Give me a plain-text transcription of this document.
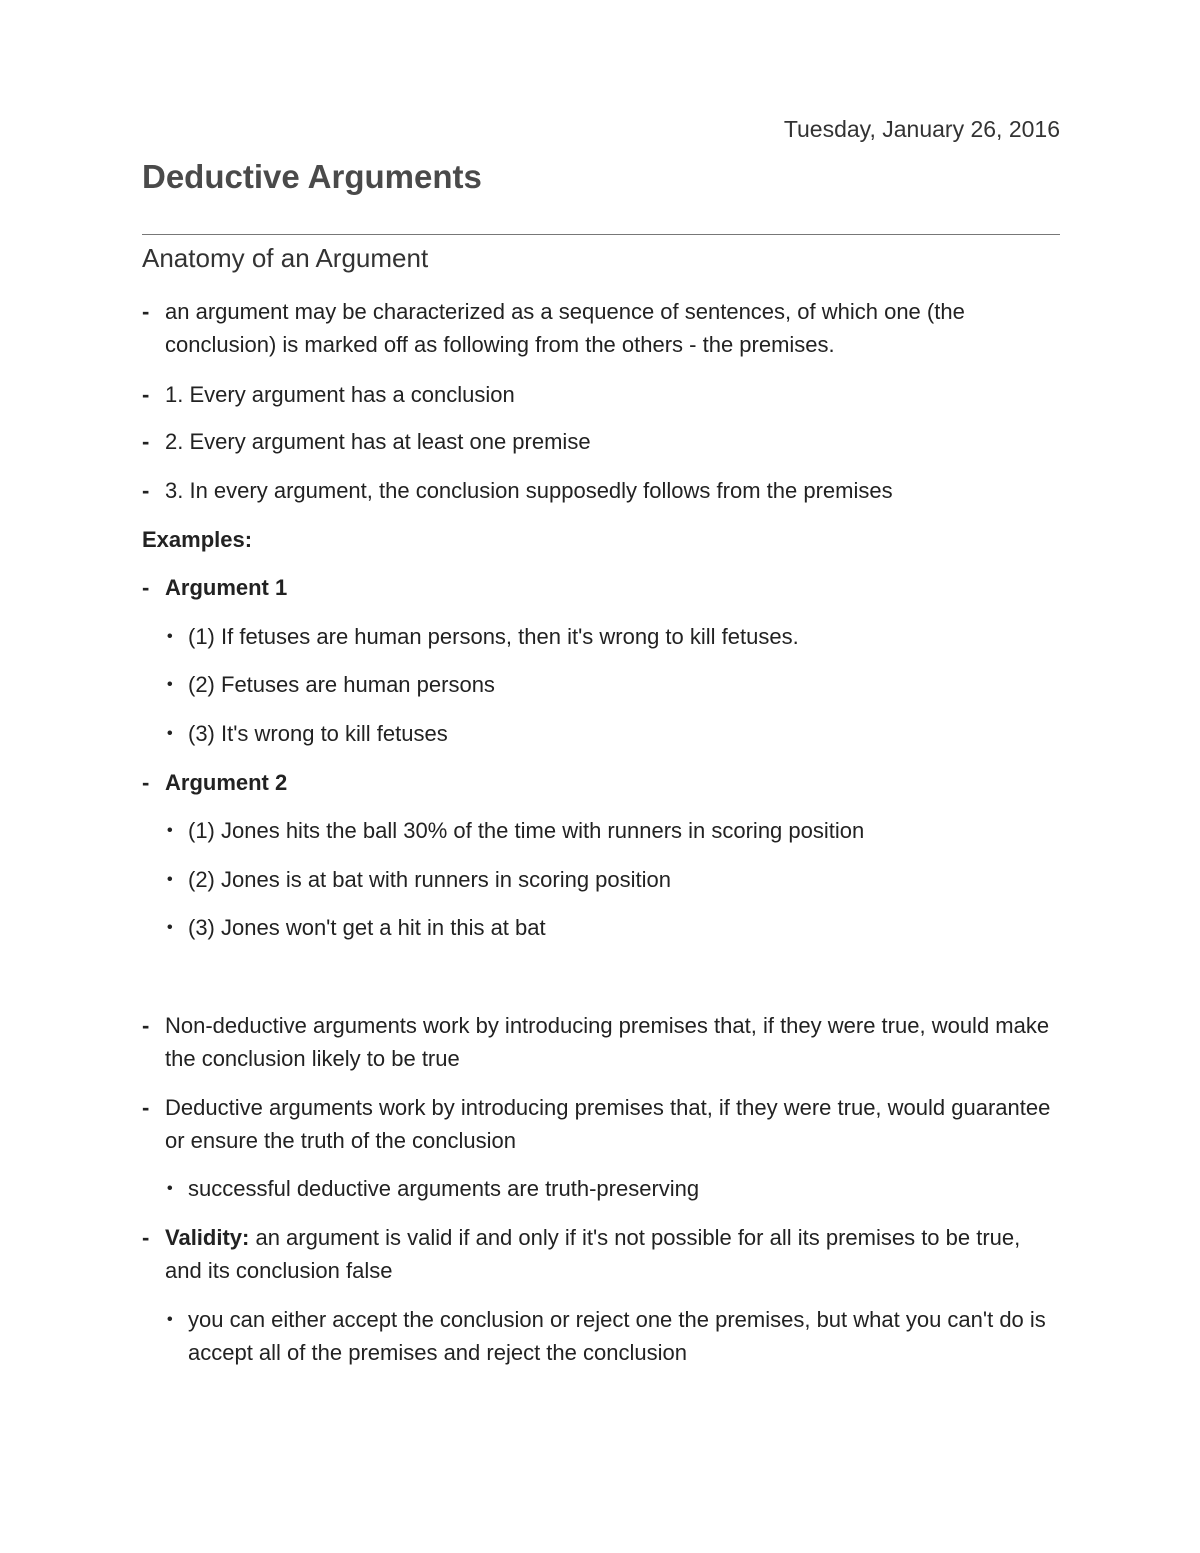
Tuesday, January 26, 2016
Deductive Arguments
Anatomy of an Argument
- an argument may be characterized as a sequence of sentences, of which one (the conclusion) is marked off as following from the others - the premises.
- 1. Every argument has a conclusion
- 2. Every argument has at least one premise
- 3. In every argument, the conclusion supposedly follows from the premises
Examples:
- Argument 1
• (1) If fetuses are human persons, then it's wrong to kill fetuses.
• (2) Fetuses are human persons
• (3) It's wrong to kill fetuses
- Argument 2
• (1) Jones hits the ball 30% of the time with runners in scoring position
• (2) Jones is at bat with runners in scoring position
• (3) Jones won't get a hit in this at bat
- Non-deductive arguments work by introducing premises that, if they were true, would make the conclusion likely to be true
- Deductive arguments work by introducing premises that, if they were true, would guarantee or ensure the truth of the conclusion
• successful deductive arguments are truth-preserving
- Validity: an argument is valid if and only if it's not possible for all its premises to be true, and its conclusion false
• you can either accept the conclusion or reject one the premises, but what you can't do is accept all of the premises and reject the conclusion
